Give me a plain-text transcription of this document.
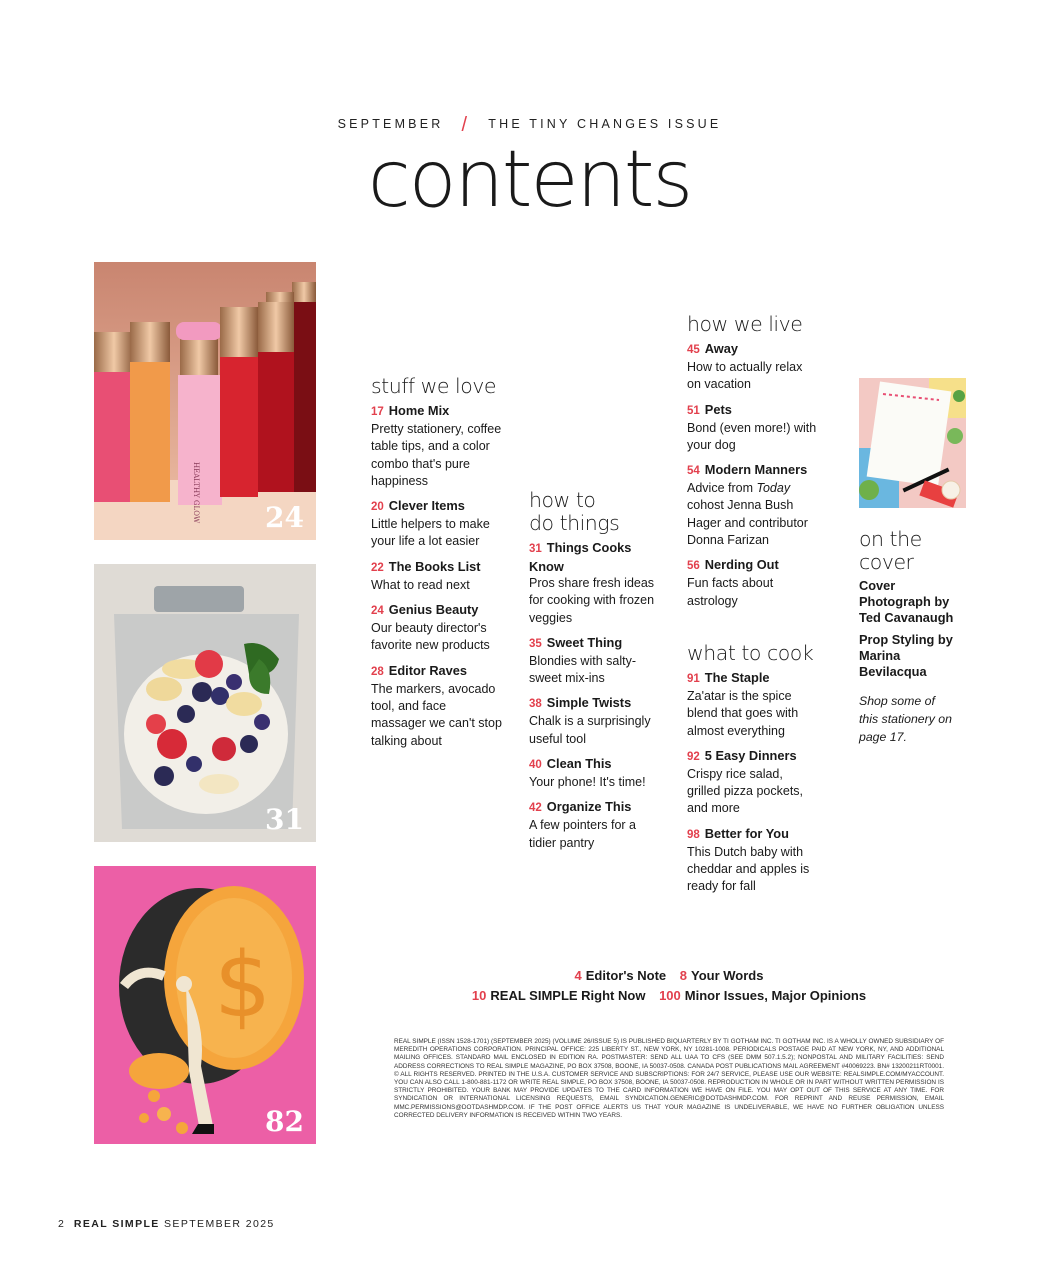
SEPTEMBER / THE TINY CHANGES ISSUE
contents
HEALTHY GLOW 24
31
$
82
stuff we love
17 Home Mix
Pretty stationery, coffee table tips, and a color combo that's pure happiness
20 Clever Items
Little helpers to make your life a lot easier
22 The Books List
What to read next
24 Genius Beauty
Our beauty director's favorite new products
28 Editor Raves
The markers, avocado tool, and face massager we can't stop talking about
how to
do things
31 Things Cooks Know
Pros share fresh ideas for cooking with frozen veggies
35 Sweet Thing
Blondies with salty-sweet mix-ins
38 Simple Twists
Chalk is a surprisingly useful tool
40 Clean This
Your phone! It's time!
42 Organize This
A few pointers for a tidier pantry
how we live
45 Away
How to actually relax on vacation
51 Pets
Bond (even more!) with your dog
54 Modern Manners
Advice from Today cohost Jenna Bush Hager and contributor Donna Farizan
56 Nerding Out
Fun facts about astrology
what to cook
91 The Staple
Za'atar is the spice blend that goes with almost everything
92 5 Easy Dinners
Crispy rice salad, grilled pizza pockets, and more
98 Better for You
This Dutch baby with cheddar and apples is ready for fall
on the
cover
Cover Photograph by Ted Cavanaugh
Prop Styling by Marina Bevilacqua
Shop some of this stationery on page 17.
4 Editor's Note 8 Your Words
10 REAL SIMPLE Right Now 100 Minor Issues, Major Opinions
REAL SIMPLE (ISSN 1528-1701) (SEPTEMBER 2025) (VOLUME 26/ISSUE 5) IS PUBLISHED BIQUARTERLY BY TI GOTHAM INC. TI GOTHAM INC. IS A WHOLLY OWNED SUBSIDIARY OF MEREDITH OPERATIONS CORPORATION. PRINCIPAL OFFICE: 225 LIBERTY ST., NEW YORK, NY 10281-1008. PERIODICALS POSTAGE PAID AT NEW YORK, NY, AND ADDITIONAL MAILING OFFICES. STANDARD MAIL ENCLOSED IN EDITION RA. POSTMASTER: SEND ALL UAA TO CFS (SEE DMM 507.1.5.2); NONPOSTAL AND MILITARY FACILITIES: SEND ADDRESS CORRECTIONS TO REAL SIMPLE MAGAZINE, PO BOX 37508, BOONE, IA 50037-0508. CANADA POST PUBLICATIONS MAIL AGREEMENT #40069223. BN# 13200211RT0001. © ALL RIGHTS RESERVED. PRINTED IN THE U.S.A. CUSTOMER SERVICE AND SUBSCRIPTIONS: FOR 24/7 SERVICE, PLEASE USE OUR WEBSITE: REALSIMPLE.COM/MYACCOUNT. YOU CAN ALSO CALL 1-800-881-1172 OR WRITE REAL SIMPLE, PO BOX 37508, BOONE, IA 50037-0508. REPRODUCTION IN WHOLE OR IN PART WITHOUT WRITTEN PERMISSION IS STRICTLY PROHIBITED. YOUR BANK MAY PROVIDE UPDATES TO THE CARD INFORMATION WE HAVE ON FILE. YOU MAY OPT OUT OF THIS SERVICE AT ANY TIME. FOR SYNDICATION OR INTERNATIONAL LICENSING REQUESTS, EMAIL SYNDICATION.GENERIC@DOTDASHMDP.COM. FOR REPRINT AND REUSE PERMISSION, EMAIL MMC.PERMISSIONS@DOTDASHMDP.COM. IF THE POST OFFICE ALERTS US THAT YOUR MAGAZINE IS UNDELIVERABLE, WE HAVE NO FURTHER OBLIGATION UNLESS CORRECTED DELIVERY INFORMATION IS RECEIVED WITHIN TWO YEARS.
2 REAL SIMPLE SEPTEMBER 2025
